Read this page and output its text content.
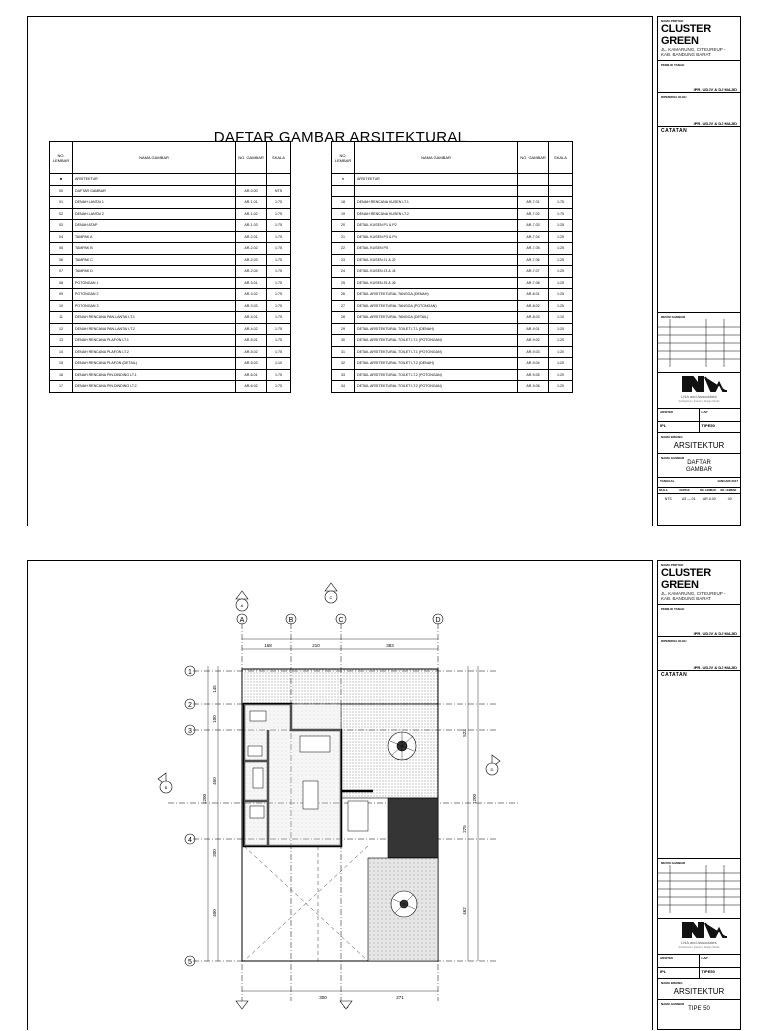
DAFTAR GAMBAR ARSITEKTURAL
NO. LEMBAR	NAMA GAMBAR	NO. GAMBAR	SKALA
■	ARSITEKTUR		
00	DAFTAR GAMBAR	AR-0.00	NTS
01	DENAH LANTAI 1	AR-1.01	1:75
02	DENAH LANTAI 2	AR-1.02	1:75
03	DENAH ATAP	AR-1.03	1:75
04	TAMPAK A	AR-2.01	1:75
05	TAMPAK B	AR-2.02	1:75
06	TAMPAK C	AR-2.03	1:75
07	TAMPAK D	AR-2.04	1:75
08	POTONGAN 1	AR-3.01	1:75
09	POTONGAN 2	AR-3.02	1:75
10	POTONGAN 3	AR-3.03	1:75
11	DENAH RENCANA PAN.LANTAI LT.1	AR-4.01	1:75
12	DENAH RENCANA PAN.LANTAI LT.2	AR-4.02	1:75
13	DENAH RENCANA PLAFON LT.1	AR-5.01	1:75
14	DENAH RENCANA PLAFON LT.2	AR-5.02	1:75
15	DENAH RENCANA PLAFON (DETAIL)	AR-5.03	1:10
16	DENAH RENCANA PIN.DINDING LT.1	AR-6.01	1:75
17	DENAH RENCANA PIN.DINDING LT.2	AR-6.02	1:75
NO. LEMBAR	NAMA GAMBAR	NO. GAMBAR	SKALA
●	ARSITEKTUR		

18	DENAH RENCANA KUSEN LT.1	AR-7.01	1:75
19	DENAH RENCANA KUSEN LT.2	AR-7.02	1:75
20	DETAIL KUSEN P1 & P2	AR-7.03	1:25
21	DETAIL KUSEN P3 & P4	AR-7.04	1:25
22	DETAIL KUSEN P5	AR-7.05	1:25
23	DETAIL KUSEN J1 & J2	AR-7.06	1:25
24	DETAIL KUSEN J3 & J4	AR-7.07	1:25
25	DETAIL KUSEN J5 & J6	AR-7.08	1:25
26	DETAIL ARSITEKTURAL TANGGA (DENAH)	AR-8.01	1:25
27	DETAIL ARSITEKTURAL TANGGA (POTONGAN)	AR-8.02	1:25
28	DETAIL ARSITEKTURAL TANGGA (DETAIL)	AR-8.03	1:10
29	DETAIL ARSITEKTURAL TOILET LT.1 (DENAH)	AR-9.01	1:20
30	DETAIL ARSITEKTURAL TOILET LT.1 (POTONGAN)	AR-9.02	1:20
31	DETAIL ARSITEKTURAL TOILET LT.1 (POTONGAN)	AR-9.03	1:20
32	DETAIL ARSITEKTURAL TOILET LT.2 (DENAH)	AR-9.04	1:20
33	DETAIL ARSITEKTURAL TOILET LT.2 (POTONGAN)	AR-9.05	1:20
34	DETAIL ARSITEKTURAL TOILET LT.2 (POTONGAN)	AR-9.06	1:20
NAMA PROYEK
CLUSTER GREEN
JL. KAMARUNG, CITEUREUP -
KAB. BANDUNG BARAT
PEMILIK TANAH
IPR. UDJV & DJ MAJID
DIPERIKSA OLEH
IPR. UDJV & DJ MAJID
CATATAN
REVISI GAMBAR
LNA and Associates
Architecture | Interior | Design Studio
ARSITEK	LAP
IPL	TIPE50
NAMA BIDANG
ARSITEKTUR
NAMA GAMBAR
DAFTAR
GAMBAR
TANGGAL	JANUARI 2017
SKALA	KERTAS	NO. LEMBAR	NO. LEMBAR
NTS	A3 — 01	AR-0.00	00
A	B	C	D
1
2
3
4
5
168	210	383
300	271
145
100
450
200
400
1200
523
275
462
1200
A
C
B
D
NAMA PROYEK
CLUSTER GREEN
JL. KAMARUNG, CITEUREUP -
KAB. BANDUNG BARAT
PEMILIK TANAH
IPR. UDJV & DJ MAJID
DIPERIKSA OLEH
IPR. UDJV & DJ MAJID
CATATAN
REVISI GAMBAR
LNA and Associates
Architecture | Interior | Design Studio
ARSITEK	LAP
IPL	TIPE50
NAMA BIDANG
ARSITEKTUR
NAMA GAMBAR
TIPE 50
